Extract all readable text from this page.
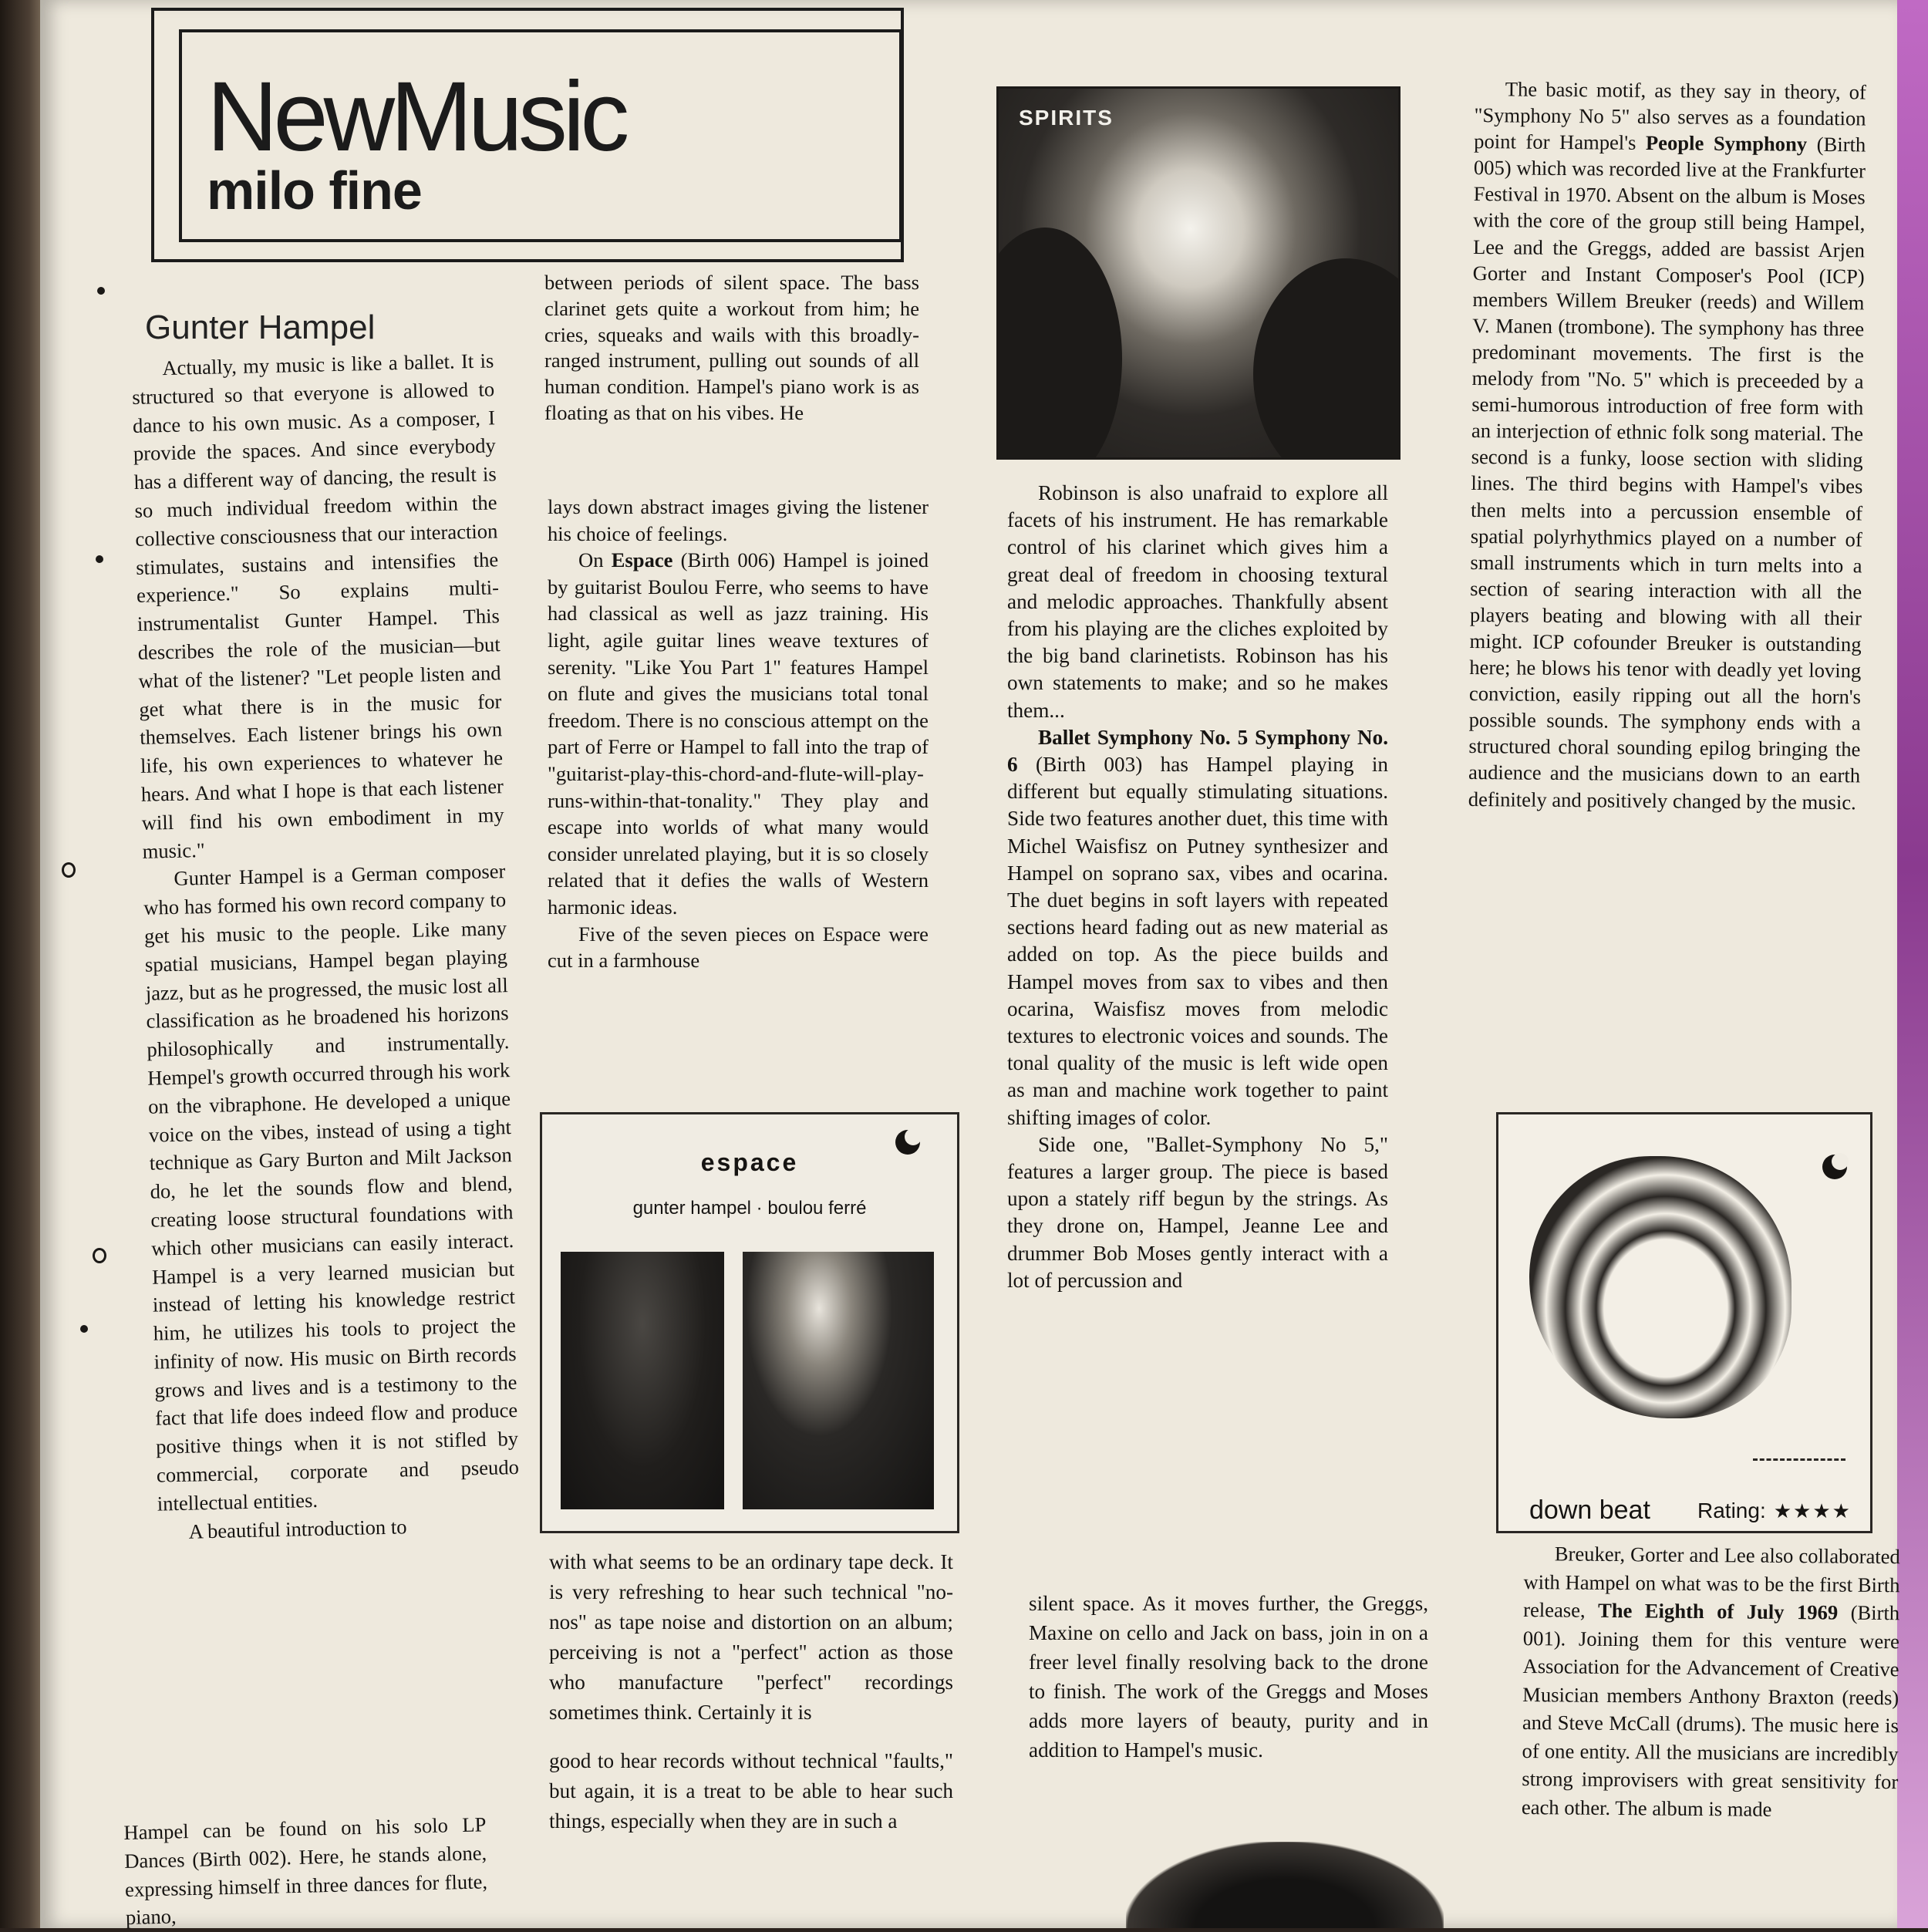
NewMusic
milo fine
Gunter Hampel

Actually, my music is like a ballet. It is structured so that everyone is allowed to dance to his own music. As a composer, I provide the spaces. And since everybody has a different way of dancing, the result is so much individual freedom within the collective consciousness that our interaction stimulates, sustains and intensifies the experience." So explains multi-instrumentalist Gunter Hampel. This describes the role of the musician—but what of the listener? "Let people listen and get what there is in the music for themselves. Each listener brings his own life, his own experiences to whatever he hears. And what I hope is that each listener will find his own embodiment in my music."

Gunter Hampel is a German composer who has formed his own record company to get his music to the people. Like many spatial musicians, Hampel began playing jazz, but as he progressed, the music lost all classification as he broadened his horizons philosophically and instrumentally. Hempel's growth occurred through his work on the vibraphone. He developed a unique voice on the vibes, instead of using a tight technique as Gary Burton and Milt Jackson do, he let the sounds flow and blend, creating loose structural foundations with which other musicians can easily interact. Hampel is a very learned musician but instead of letting his knowledge restrict him, he utilizes his tools to project the infinity of now. His music on Birth records grows and lives and is a testimony to the fact that life does indeed flow and produce positive things when it is not stifled by commercial, corporate and pseudo intellectual entities.

A beautiful introduction to

Hampel can be found on his solo LP Dances (Birth 002). Here, he stands alone, expressing himself in three dances for flute, piano,

between periods of silent space. The bass clarinet gets quite a workout from him; he cries, squeaks and wails with this broadly-ranged instrument, pulling out sounds of all human condition. Hampel's piano work is as floating as that on his vibes. He

lays down abstract images giving the listener his choice of feelings.

On Espace (Birth 006) Hampel is joined by guitarist Boulou Ferre, who seems to have had classical as well as jazz training. His light, agile guitar lines weave textures of serenity. "Like You Part 1" features Hampel on flute and gives the musicians total tonal freedom. There is no conscious attempt on the part of Ferre or Hampel to fall into the trap of "guitarist-play-this-chord-and-flute-will-play-runs-within-that-tonality." They play and escape into worlds of what many would consider unrelated playing, but it is so closely related that it defies the walls of Western harmonic ideas.

Five of the seven pieces on Espace were cut in a farmhouse

with what seems to be an ordinary tape deck. It is very refreshing to hear such technical "no-nos" as tape noise and distortion on an album; perceiving is not a "perfect" action as those who manufacture "perfect" recordings sometimes think. Certainly it is

good to hear records without technical "faults," but again, it is a treat to be able to hear such things, especially when they are in such a

Robinson is also unafraid to explore all facets of his instrument. He has remarkable control of his clarinet which gives him a great deal of freedom in choosing textural and melodic approaches. Thankfully absent from his playing are the cliches exploited by the big band clarinetists. Robinson has his own statements to make; and so he makes them...

Ballet Symphony No. 5 Symphony No. 6 (Birth 003) has Hampel playing in different but equally stimulating situations. Side two features another duet, this time with Michel Waisfisz on Putney synthesizer and Hampel on soprano sax, vibes and ocarina. The duet begins in soft layers with repeated sections heard fading out as new material as added on top. As the piece builds and Hampel moves from sax to vibes and then ocarina, Waisfisz moves from melodic textures to electronic voices and sounds. The tonal quality of the music is left wide open as man and machine work together to paint shifting images of color.

Side one, "Ballet-Symphony No 5," features a larger group. The piece is based upon a stately riff begun by the strings. As they drone on, Hampel, Jeanne Lee and drummer Bob Moses gently interact with a lot of percussion and

silent space. As it moves further, the Greggs, Maxine on cello and Jack on bass, join in on a freer level finally resolving back to the drone to finish. The work of the Greggs and Moses adds more layers of beauty, purity and in addition to Hampel's music.

The basic motif, as they say in theory, of "Symphony No 5" also serves as a foundation point for Hampel's People Symphony (Birth 005) which was recorded live at the Frankfurter Festival in 1970. Absent on the album is Moses with the core of the group still being Hampel, Lee and the Greggs, added are bassist Arjen Gorter and Instant Composer's Pool (ICP) members Willem Breuker (reeds) and Willem V. Manen (trombone). The symphony has three predominant movements. The first is the melody from "No. 5" which is preceeded by a semi-humorous introduction of free form with an interjection of ethnic folk song material. The second is a funky, loose section with sliding lines. The third begins with Hampel's vibes then melts into a percussion ensemble of spatial polyrhythmics played on a number of small instruments which in turn melts into a section of searing interaction with all the players beating and blowing with all their might. ICP cofounder Breuker is outstanding here; he blows his tenor with deadly yet loving conviction, easily ripping out all the horn's possible sounds. The symphony ends with a structured choral sounding epilog bringing the audience and the musicians down to an earth definitely and positively changed by the music.

Breuker, Gorter and Lee also collaborated with Hampel on what was to be the first Birth release, The Eighth of July 1969 (Birth 001). Joining them for this venture were Association for the Advancement of Creative Musician members Anthony Braxton (reeds) and Steve McCall (drums). The music here is of one entity. All the musicians are incredibly strong improvisers with great sensitivity for each other. The album is made

SPIRITS
espace
gunter hampel · boulou ferré
down beat Rating: ★★★★
